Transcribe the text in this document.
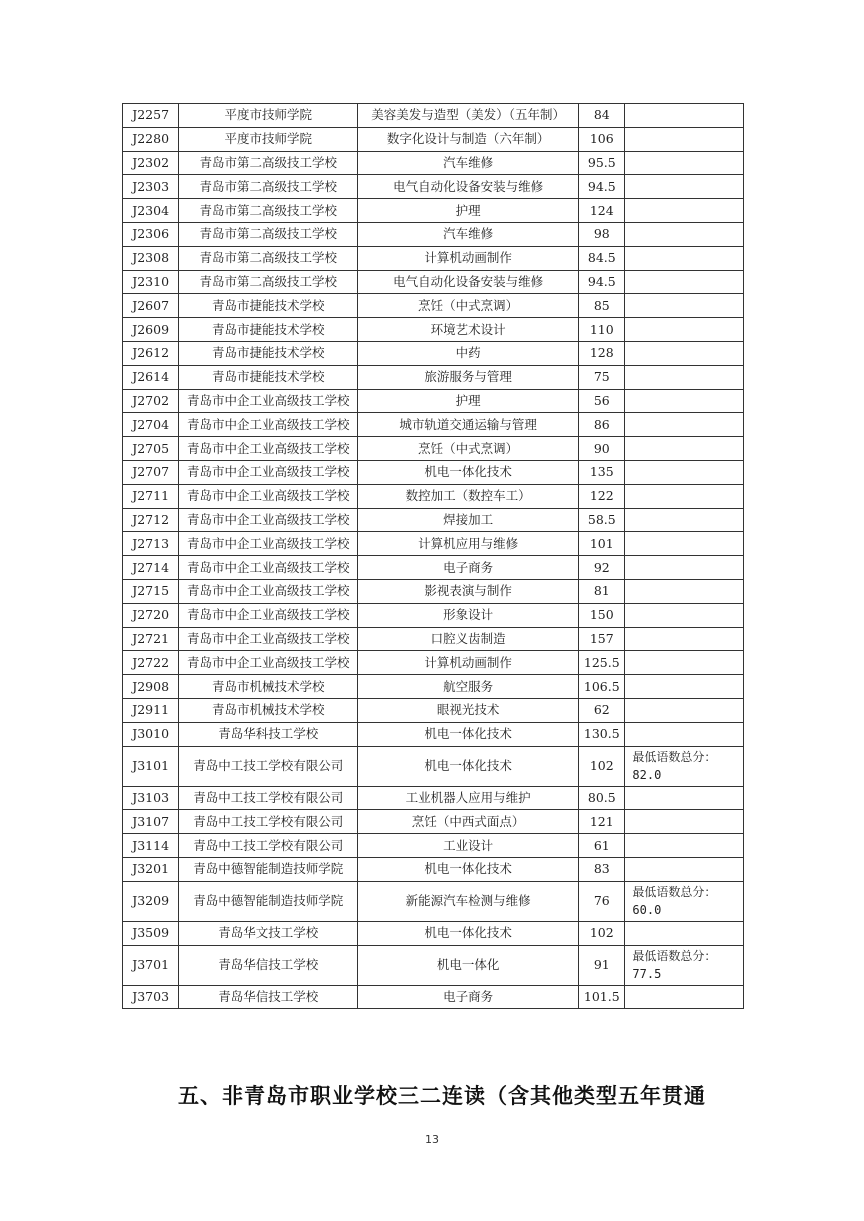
J2257	平度市技师学院	美容美发与造型（美发）（五年制）	84	
J2280	平度市技师学院	数字化设计与制造（六年制）	106	
J2302	青岛市第二高级技工学校	汽车维修	95.5	
J2303	青岛市第二高级技工学校	电气自动化设备安装与维修	94.5	
J2304	青岛市第二高级技工学校	护理	124	
J2306	青岛市第二高级技工学校	汽车维修	98	
J2308	青岛市第二高级技工学校	计算机动画制作	84.5	
J2310	青岛市第二高级技工学校	电气自动化设备安装与维修	94.5	
J2607	青岛市捷能技术学校	烹饪（中式烹调）	85	
J2609	青岛市捷能技术学校	环境艺术设计	110	
J2612	青岛市捷能技术学校	中药	128	
J2614	青岛市捷能技术学校	旅游服务与管理	75	
J2702	青岛市中企工业高级技工学校	护理	56	
J2704	青岛市中企工业高级技工学校	城市轨道交通运输与管理	86	
J2705	青岛市中企工业高级技工学校	烹饪（中式烹调）	90	
J2707	青岛市中企工业高级技工学校	机电一体化技术	135	
J2711	青岛市中企工业高级技工学校	数控加工（数控车工）	122	
J2712	青岛市中企工业高级技工学校	焊接加工	58.5	
J2713	青岛市中企工业高级技工学校	计算机应用与维修	101	
J2714	青岛市中企工业高级技工学校	电子商务	92	
J2715	青岛市中企工业高级技工学校	影视表演与制作	81	
J2720	青岛市中企工业高级技工学校	形象设计	150	
J2721	青岛市中企工业高级技工学校	口腔义齿制造	157	
J2722	青岛市中企工业高级技工学校	计算机动画制作	125.5	
J2908	青岛市机械技术学校	航空服务	106.5	
J2911	青岛市机械技术学校	眼视光技术	62	
J3010	青岛华科技工学校	机电一体化技术	130.5	
J3101	青岛中工技工学校有限公司	机电一体化技术	102	最低语数总分：82.0
J3103	青岛中工技工学校有限公司	工业机器人应用与维护	80.5	
J3107	青岛中工技工学校有限公司	烹饪（中西式面点）	121	
J3114	青岛中工技工学校有限公司	工业设计	61	
J3201	青岛中德智能制造技师学院	机电一体化技术	83	
J3209	青岛中德智能制造技师学院	新能源汽车检测与维修	76	最低语数总分：60.0
J3509	青岛华文技工学校	机电一体化技术	102	
J3701	青岛华信技工学校	机电一体化	91	最低语数总分：77.5
J3703	青岛华信技工学校	电子商务	101.5	
五、非青岛市职业学校三二连读（含其他类型五年贯通
13
